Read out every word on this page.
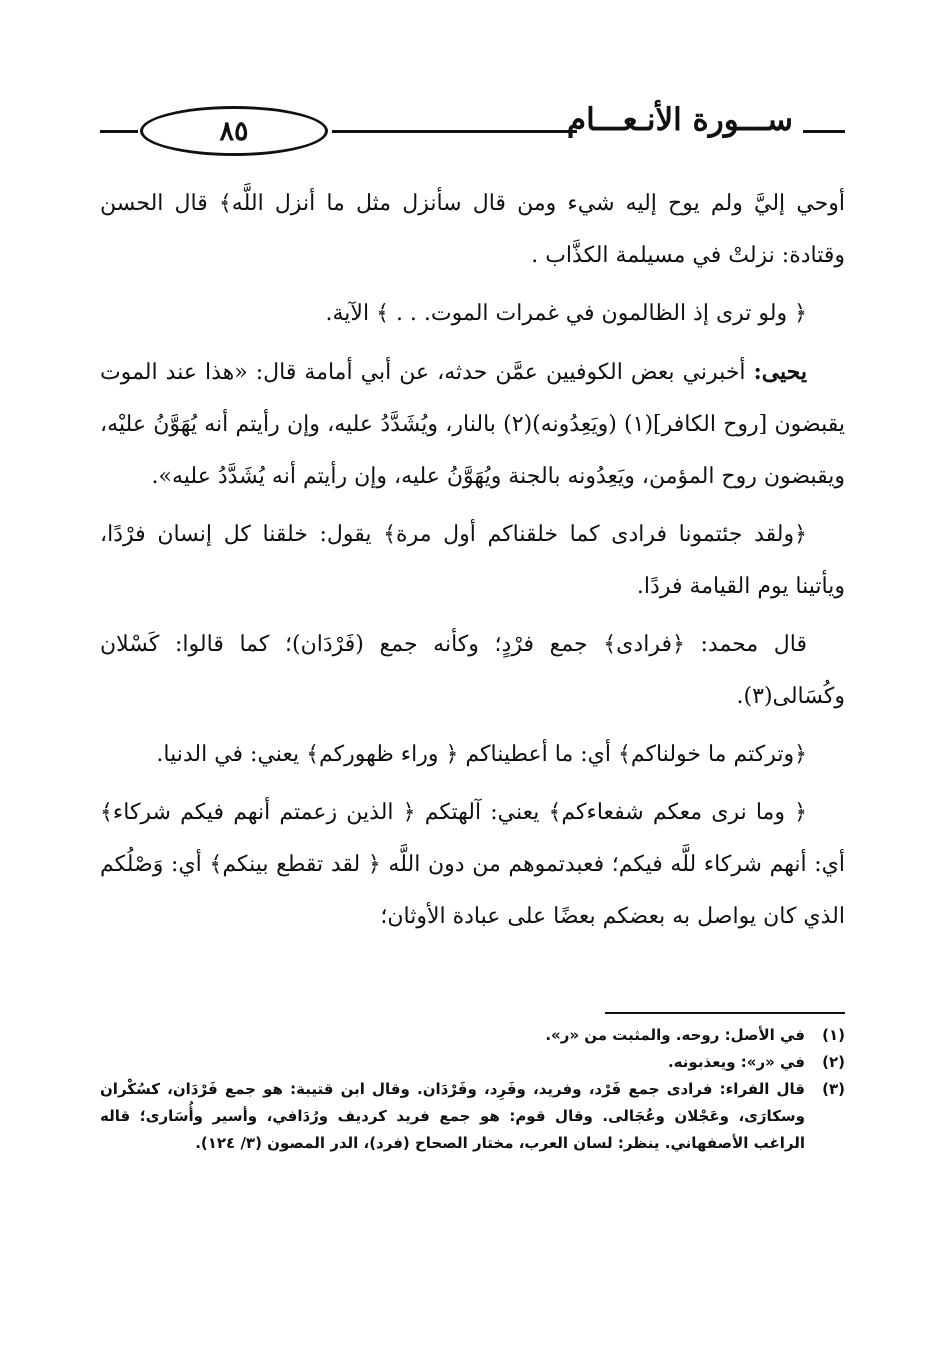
ســـورة الأنـعـــام
٨٥

أوحي إليَّ ولم يوح إليه شيء ومن قال سأنزل مثل ما أنزل اللَّه﴾ قال الحسن وقتادة: نزلتْ في مسيلمة الكذَّاب .

﴿ ولو ترى إذ الظالمون في غمرات الموت. . . ﴾ الآية.

يحيى: أخبرني بعض الكوفيين عمَّن حدثه، عن أبي أمامة قال: «هذا عند الموت يقبضون [روح الكافر](١) (ويَعِدُونه)(٢) بالنار، ويُشَدَّدُ عليه، وإن رأيتم أنه يُهَوَّنُ عليْه، ويقبضون روح المؤمن، ويَعِدُونه بالجنة ويُهَوَّنُ عليه، وإن رأيتم أنه يُشَدَّدُ عليه».

﴿ولقد جئتمونا فرادى كما خلقناكم أول مرة﴾ يقول: خلقنا كل إنسان فرْدًا، ويأتينا يوم القيامة فردًا.

قال محمد: ﴿فرادى﴾ جمع فرْدٍ؛ وكأنه جمع (فَرْدَان)؛ كما قالوا: كَسْلان وكُسَالى(٣).

﴿وتركتم ما خولناكم﴾ أي: ما أعطيناكم ﴿ وراء ظهوركم﴾ يعني: في الدنيا.

﴿ وما نرى معكم شفعاءكم﴾ يعني: آلهتكم ﴿ الذين زعمتم أنهم فيكم شركاء﴾ أي: أنهم شركاء للَّه فيكم؛ فعبدتموهم من دون اللَّه ﴿ لقد تقطع بينكم﴾ أي: وَصْلُكم الذي كان يواصل به بعضكم بعضًا على عبادة الأوثان؛

(١)
في الأصل: روحه. والمثبت من «ر».
(٢)
في «ر»: ويعذبونه.
(٣)
قال الفراء: فرادى جمع فَرْد، وفريد، وفَرِد، وفَرْدَان. وقال ابن قتيبة: هو جمع فَرْدَان، كسُكْران وسكارَى، وعَجْلان وعُجَالى. وقال قوم: هو جمع فريد كرديف ورُدَافي، وأسير وأُسَارى؛ قاله الراغب الأصفهاني. ينظر: لسان العرب، مختار الصحاح (فرد)، الدر المصون (٣/ ١٢٤).
